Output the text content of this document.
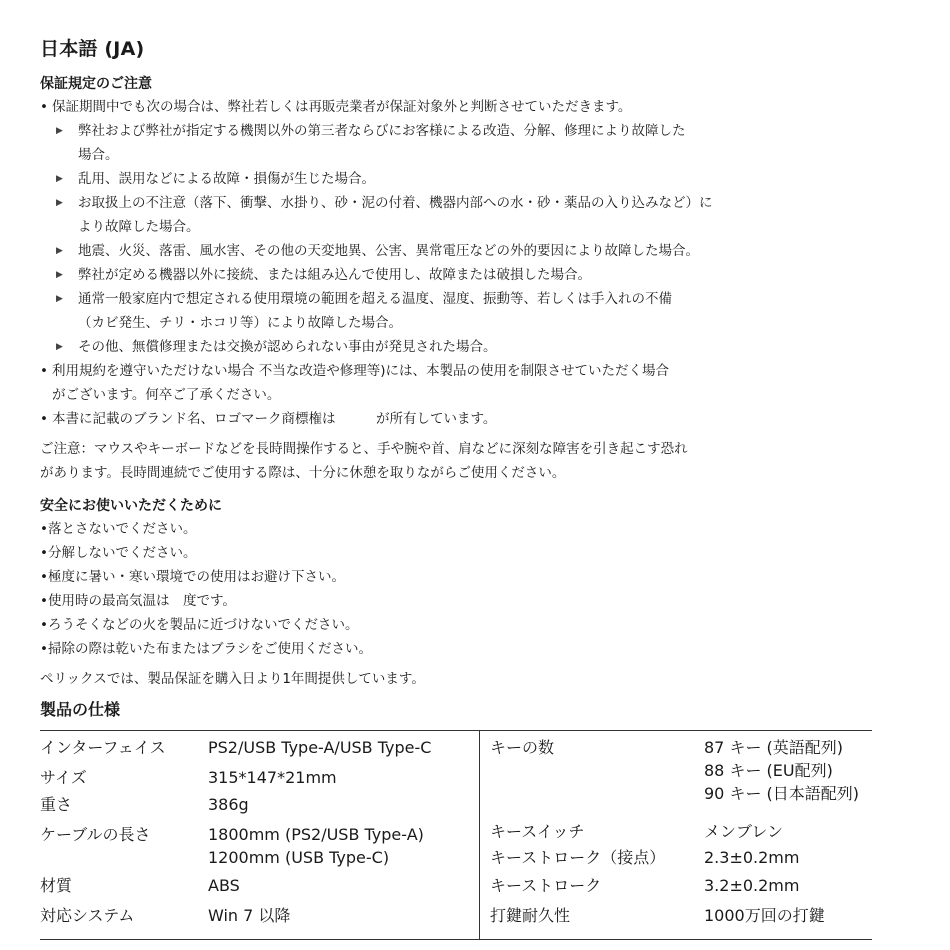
日本語 (JA)
保証規定のご注意
• 保証期間中でも次の場合は、弊社若しくは再販売業者が保証対象外と判断させていただきます。
▶	弊社および弊社が指定する機関以外の第三者ならびにお客様による改造、分解、修理により故障した
場合。
▶	乱用、誤用などによる故障・損傷が生じた場合。
▶	お取扱上の不注意（落下、衝撃、水掛り、砂・泥の付着、機器内部への水・砂・薬品の入り込みなど）に
より故障した場合。
▶	地震、火災、落雷、風水害、その他の天変地異、公害、異常電圧などの外的要因により故障した場合。
▶	弊社が定める機器以外に接続、または組み込んで使用し、故障または破損した場合。
▶	通常一般家庭内で想定される使用環境の範囲を超える温度、湿度、振動等、若しくは手入れの不備
（カビ発生、チリ・ホコリ等）により故障した場合。
▶	その他、無償修理または交換が認められない事由が発見された場合。
• 利用規約を遵守いただけない場合 不当な改造や修理等)には、本製品の使用を制限させていただく場合
がございます。何卒ご了承ください。
• 本書に記載のブランド名、ロゴマーク商標権は　　　が所有しています。
ご注意：マウスやキーボードなどを長時間操作すると、手や腕や首、肩などに深刻な障害を引き起こす恐れ
があります。長時間連続でご使用する際は、十分に休憩を取りながらご使用ください。
安全にお使いいただくために
•落とさないでください。
•分解しないでください。
•極度に暑い・寒い環境での使用はお避け下さい。
•使用時の最高気温は　度です。
•ろうそくなどの火を製品に近づけないでください。
•掃除の際は乾いた布またはブラシをご使用ください。
ペリックスでは、製品保証を購入日より1年間提供しています。
製品の仕様
インターフェイス	PS2/USB Type-A/USB Type-C
サイズ	315*147*21mm
重さ	386g
ケーブルの長さ	1800mm (PS2/USB Type-A)
1200mm (USB Type-C)
材質	ABS
対応システム	Win 7 以降
キーの数	87 キー (英語配列)
88 キー (EU配列)
90 キー (日本語配列)
キースイッチ	メンブレン
キーストローク（接点） 2.3±0.2mm
キーストローク	3.2±0.2mm
打鍵耐久性	1000万回の打鍵
